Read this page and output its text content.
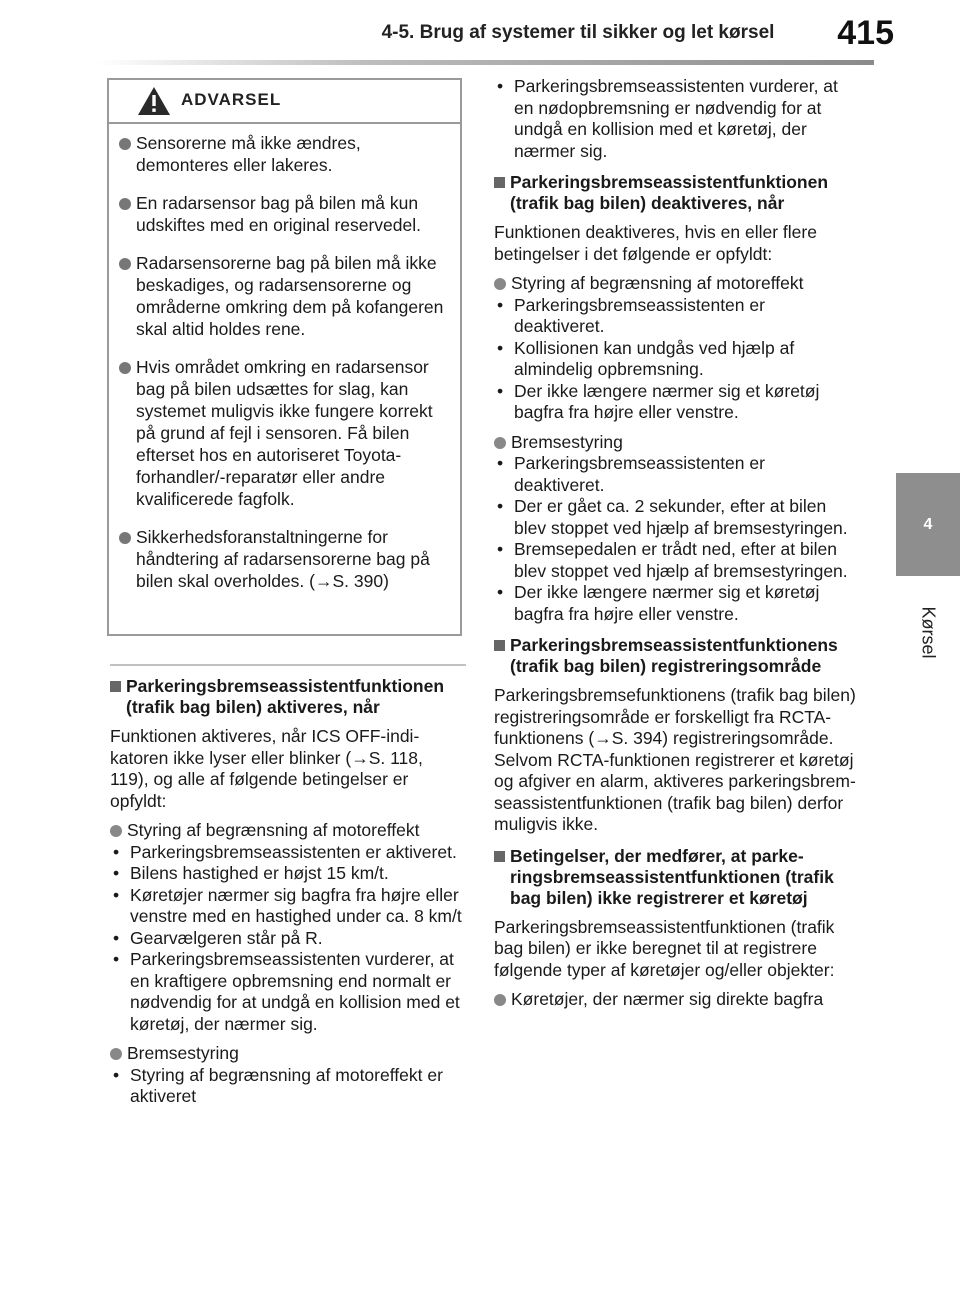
4-5. Brug af systemer til sikker og let kørsel	415
4
Kørsel
ADVARSEL
Sensorerne må ikke ændres, demonteres eller lakeres.
En radarsensor bag på bilen må kun udskiftes med en original reservedel.
Radarsensorerne bag på bilen må ikke beskadiges, og radarsensorerne og områderne omkring dem på kofangeren skal altid holdes rene.
Hvis området omkring en radarsensor bag på bilen udsættes for slag, kan systemet muligvis ikke fungere korrekt på grund af fejl i sensoren. Få bilen efterset hos en autoriseret Toyota-forhandler/-reparatør eller andre kvalificerede fagfolk.
Sikkerhedsforanstaltningerne for håndtering af radarsensorerne bag på bilen skal overholdes. (→S. 390)
Parkeringsbremseassistentfunktionen (trafik bag bilen) aktiveres, når
Funktionen aktiveres, når ICS OFF-indikatoren ikke lyser eller blinker (→S. 118, 119), og alle af følgende betingelser er opfyldt:
Styring af begrænsning af motoreffekt
• Parkeringsbremseassistenten er aktiveret.
• Bilens hastighed er højst 15 km/t.
• Køretøjer nærmer sig bagfra fra højre eller venstre med en hastighed under ca. 8 km/t
• Gearvælgeren står på R.
• Parkeringsbremseassistenten vurderer, at en kraftigere opbremsning end normalt er nødvendig for at undgå en kollision med et køretøj, der nærmer sig.
Bremsestyring
• Styring af begrænsning af motoreffekt er aktiveret
• Parkeringsbremseassistenten vurderer, at en nødopbremsning er nødvendig for at undgå en kollision med et køretøj, der nærmer sig.
Parkeringsbremseassistentfunktionen (trafik bag bilen) deaktiveres, når
Funktionen deaktiveres, hvis en eller flere betingelser i det følgende er opfyldt:
Styring af begrænsning af motoreffekt
• Parkeringsbremseassistenten er deaktiveret.
• Kollisionen kan undgås ved hjælp af almindelig opbremsning.
• Der ikke længere nærmer sig et køretøj bagfra fra højre eller venstre.
Bremsestyring
• Parkeringsbremseassistenten er deaktiveret.
• Der er gået ca. 2 sekunder, efter at bilen blev stoppet ved hjælp af bremsestyringen.
• Bremsepedalen er trådt ned, efter at bilen blev stoppet ved hjælp af bremsestyringen.
• Der ikke længere nærmer sig et køretøj bagfra fra højre eller venstre.
Parkeringsbremseassistentfunktionens (trafik bag bilen) registreringsområde
Parkeringsbremsefunktionens (trafik bag bilen) registreringsområde er forskelligt fra RCTA-funktionens (→S. 394) registreringsområde. Selvom RCTA-funktionen registrerer et køretøj og afgiver en alarm, aktiveres parkeringsbremseassistentfunktionen (trafik bag bilen) derfor muligvis ikke.
Betingelser, der medfører, at parkeringsbremseassistentfunktionen (trafik bag bilen) ikke registrerer et køretøj
Parkeringsbremseassistentfunktionen (trafik bag bilen) er ikke beregnet til at registrere følgende typer af køretøjer og/eller objekter:
Køretøjer, der nærmer sig direkte bagfra
